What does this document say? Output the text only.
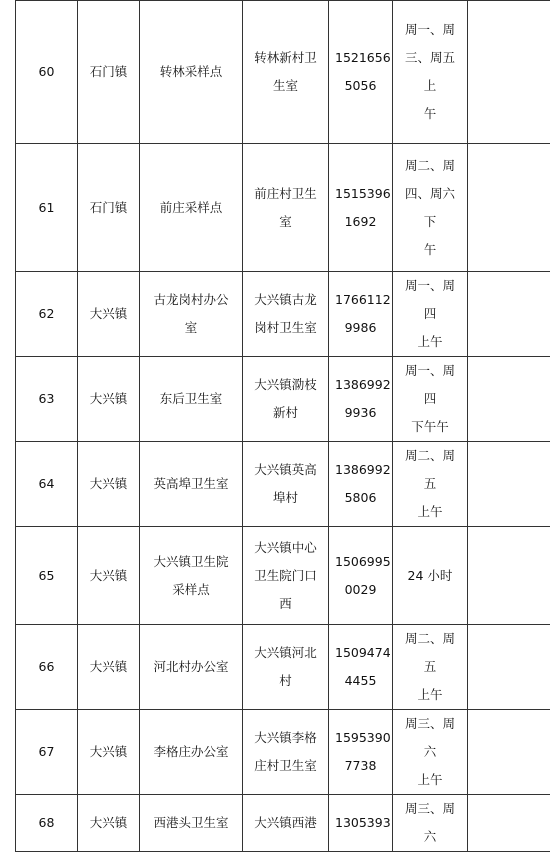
60	石门镇	转林采样点	转林新村卫
生室	1521656
5056	周一、周
三、周五上
午	
61	石门镇	前庄采样点	前庄村卫生
室	1515396
1692	周二、周
四、周六下
午	
62	大兴镇	古龙岗村办公
室	大兴镇古龙
岗村卫生室	1766112
9986	周一、周四
上午	
63	大兴镇	东后卫生室	大兴镇泐枝
新村	1386992
9936	周一、周四
下午午	
64	大兴镇	英高埠卫生室	大兴镇英高
埠村	1386992
5806	周二、周五
上午	
65	大兴镇	大兴镇卫生院
采样点	大兴镇中心
卫生院门口
西	1506995
0029	24 小时	
66	大兴镇	河北村办公室	大兴镇河北
村	1509474
4455	周二、周五
上午	
67	大兴镇	李格庄办公室	大兴镇李格
庄村卫生室	1595390
7738	周三、周六
上午	
68	大兴镇	西港头卫生室	大兴镇西港	1305393	周三、周六	
